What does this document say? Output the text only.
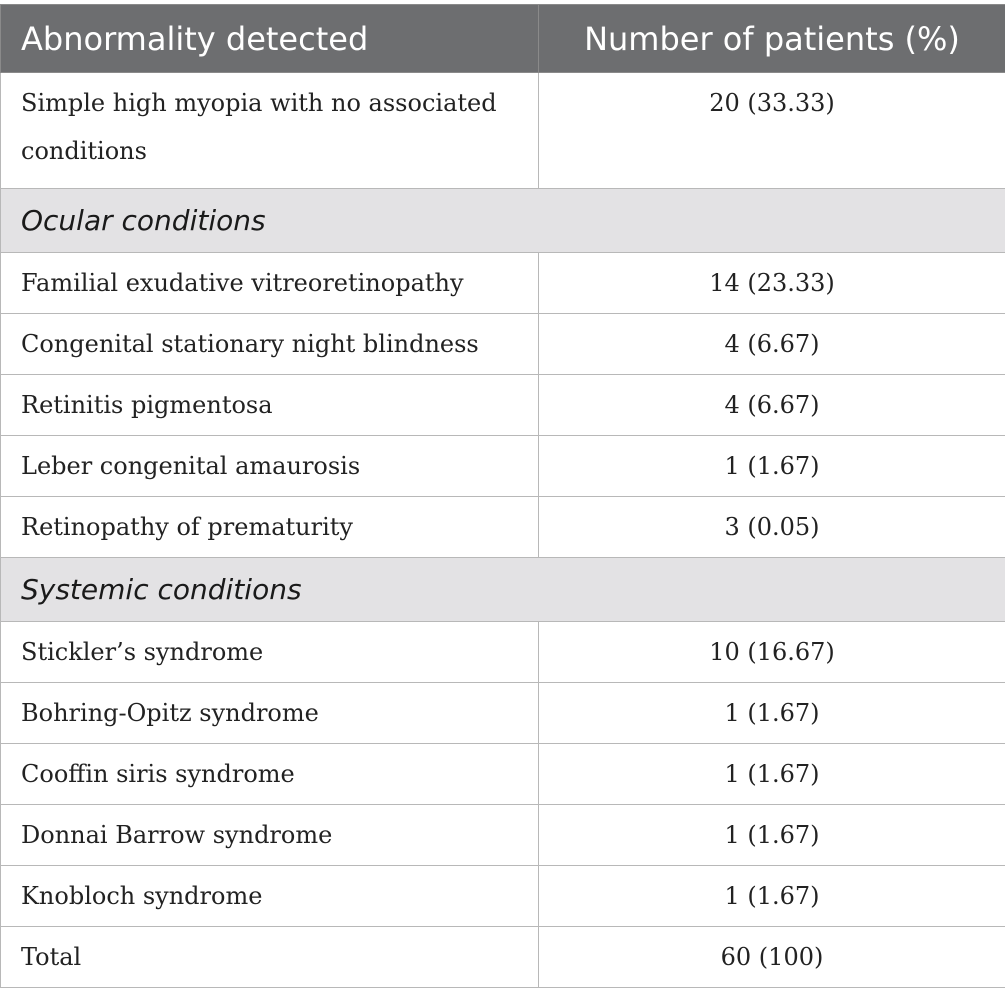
Abnormality detected	Number of patients (%)
Simple high myopia with no associated conditions	20 (33.33)
Ocular conditions	
Familial exudative vitreoretinopathy	14 (23.33)
Congenital stationary night blindness	4 (6.67)
Retinitis pigmentosa	4 (6.67)
Leber congenital amaurosis	1 (1.67)
Retinopathy of prematurity	3 (0.05)
Systemic conditions	
Stickler’s syndrome	10 (16.67)
Bohring-Opitz syndrome	1 (1.67)
Cooffin siris syndrome	1 (1.67)
Donnai Barrow syndrome	1 (1.67)
Knobloch syndrome	1 (1.67)
Total	60 (100)
